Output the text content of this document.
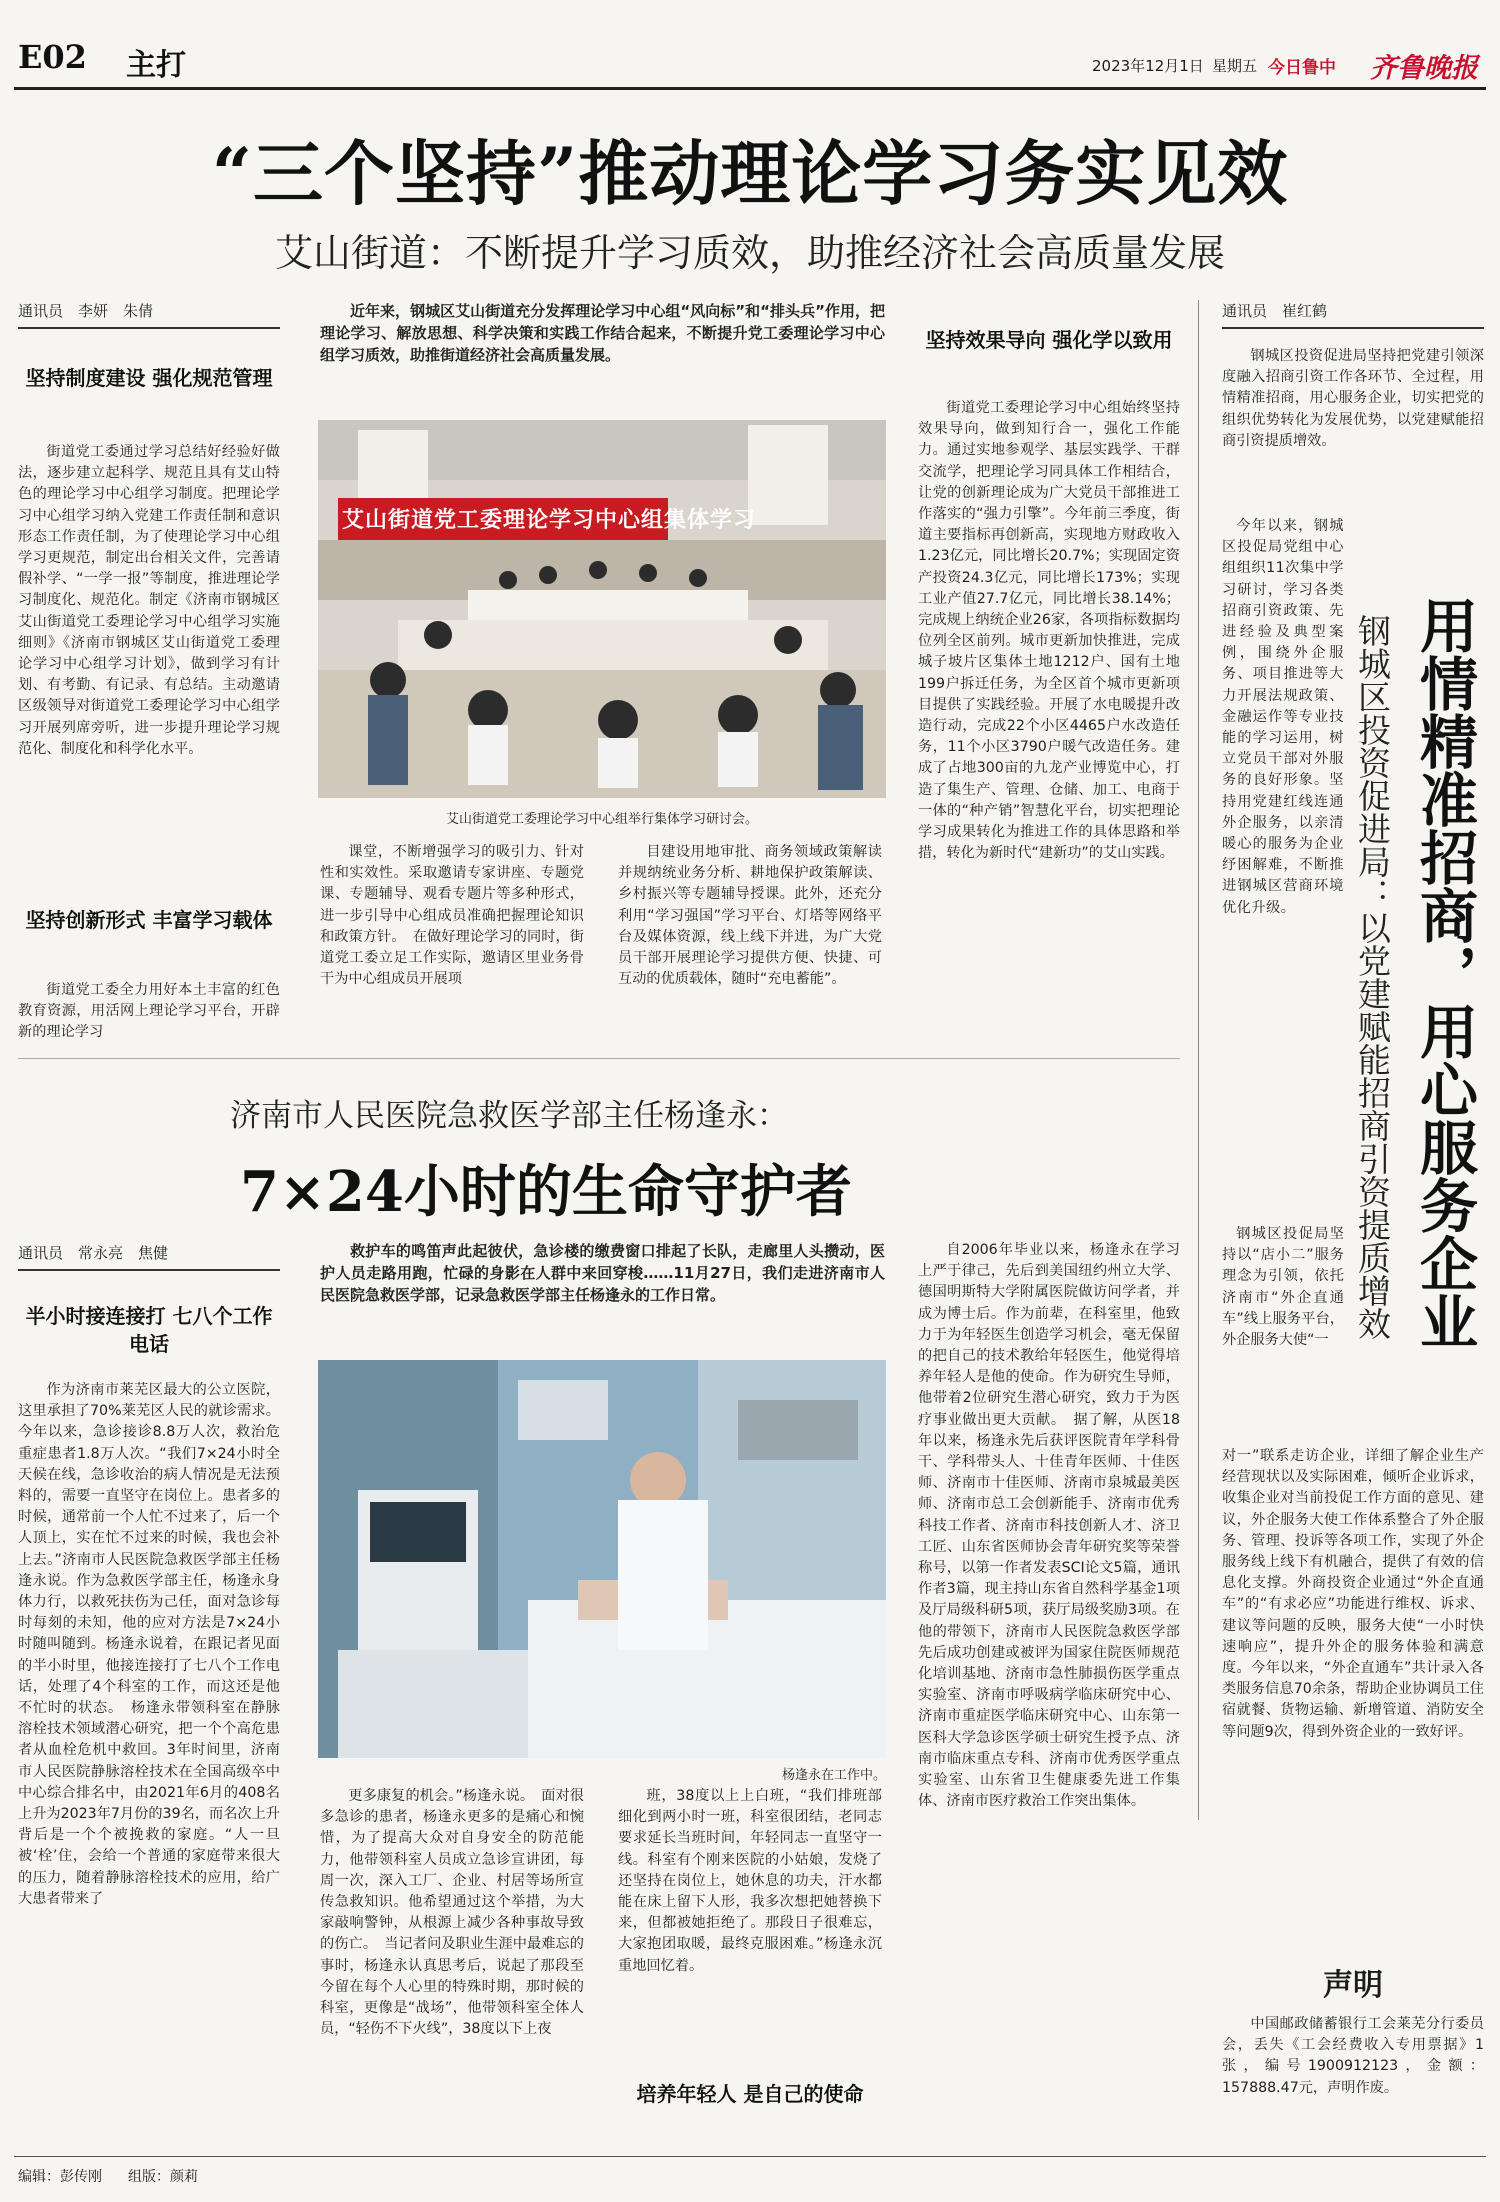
E02 主打	2023年12月1日 星期五 今日鲁中 齐鲁晚报
“三个坚持”推动理论学习务实见效
艾山街道：不断提升学习质效，助推经济社会高质量发展
通讯员　李妍　朱倩
坚持制度建设 强化规范管理
街道党工委通过学习总结好经验好做法，逐步建立起科学、规范且具有艾山特色的理论学习中心组学习制度。把理论学习中心组学习纳入党建工作责任制和意识形态工作责任制，为了使理论学习中心组学习更规范，制定出台相关文件，完善请假补学、“一学一报”等制度，推进理论学习制度化、规范化。制定《济南市钢城区艾山街道党工委理论学习中心组学习实施细则》《济南市钢城区艾山街道党工委理论学习中心组学习计划》，做到学习有计划、有考勤、有记录、有总结。主动邀请区级领导对街道党工委理论学习中心组学习开展列席旁听，进一步提升理论学习规范化、制度化和科学化水平。
坚持创新形式 丰富学习载体
街道党工委全力用好本土丰富的红色教育资源，用活网上理论学习平台，开辟新的理论学习
近年来，钢城区艾山街道充分发挥理论学习中心组“风向标”和“排头兵”作用，把理论学习、解放思想、科学决策和实践工作结合起来，不断提升党工委理论学习中心组学习质效，助推街道经济社会高质量发展。
艾山街道党工委理论学习中心组集体学习
艾山街道党工委理论学习中心组举行集体学习研讨会。
课堂，不断增强学习的吸引力、针对性和实效性。采取邀请专家讲座、专题党课、专题辅导、观看专题片等多种形式，进一步引导中心组成员准确把握理论知识和政策方针。　在做好理论学习的同时，街道党工委立足工作实际，邀请区里业务骨干为中心组成员开展项
目建设用地审批、商务领域政策解读并规纳统业务分析、耕地保护政策解读、乡村振兴等专题辅导授课。此外，还充分利用“学习强国”学习平台、灯塔等网络平台及媒体资源，线上线下并进，为广大党员干部开展理论学习提供方便、快捷、可互动的优质载体，随时“充电蓄能”。
坚持效果导向 强化学以致用
街道党工委理论学习中心组始终坚持效果导向，做到知行合一，强化工作能力。通过实地参观学、基层实践学、干群交流学，把理论学习同具体工作相结合，让党的创新理论成为广大党员干部推进工作落实的“强力引擎”。今年前三季度，街道主要指标再创新高，实现地方财政收入1.23亿元，同比增长20.7%；实现固定资产投资24.3亿元，同比增长173%；实现工业产值27.7亿元，同比增长38.14%；完成规上纳统企业26家，各项指标数据均位列全区前列。城市更新加快推进，完成城子坡片区集体土地1212户、国有土地199户拆迁任务，为全区首个城市更新项目提供了实践经验。开展了水电暖提升改造行动，完成22个小区4465户水改造任务，11个小区3790户暖气改造任务。建成了占地300亩的九龙产业博览中心，打造了集生产、管理、仓储、加工、电商于一体的“种产销”智慧化平台，切实把理论学习成果转化为推进工作的具体思路和举措，转化为新时代“建新功”的艾山实践。
通讯员　崔红鹤
钢城区投资促进局坚持把党建引领深度融入招商引资工作各环节、全过程，用情精准招商，用心服务企业，切实把党的组织优势转化为发展优势，以党建赋能招商引资提质增效。
今年以来，钢城区投促局党组中心组组织11次集中学习研讨，学习各类招商引资政策、先进经验及典型案例，围绕外企服务、项目推进等大力开展法规政策、金融运作等专业技能的学习运用，树立党员干部对外服务的良好形象。坚持用党建红线连通外企服务，以亲清暖心的服务为企业纾困解难，不断推进钢城区营商环境优化升级。
钢城区投促局坚持以“店小二”服务理念为引领，依托济南市“外企直通车”线上服务平台，外企服务大使“一 用情精准招商，用心服务企业
钢城区投资促进局：以党建赋能招商引资提质增效
对一”联系走访企业，详细了解企业生产经营现状以及实际困难，倾听企业诉求，收集企业对当前投促工作方面的意见、建议，外企服务大使工作体系整合了外企服务、管理、投诉等各项工作，实现了外企服务线上线下有机融合，提供了有效的信息化支撑。外商投资企业通过“外企直通车”的“有求必应”功能进行维权、诉求、建议等问题的反映，服务大使“一小时快速响应”，提升外企的服务体验和满意度。今年以来，“外企直通车”共计录入各类服务信息70余条，帮助企业协调员工住宿就餐、货物运输、新增管道、消防安全等问题9次，得到外资企业的一致好评。
声明
中国邮政储蓄银行工会莱芜分行委员会，丢失《工会经费收入专用票据》1张，编号1900912123，金额：157888.47元，声明作废。
济南市人民医院急救医学部主任杨逢永：
7×24小时的生命守护者
通讯员　常永亮　焦健
半小时接连接打 七八个工作电话
作为济南市莱芜区最大的公立医院，这里承担了70%莱芜区人民的就诊需求。今年以来，急诊接诊8.8万人次，救治危重症患者1.8万人次。“我们7×24小时全天候在线，急诊收治的病人情况是无法预料的，需要一直坚守在岗位上。患者多的时候，通常前一个人忙不过来了，后一个人顶上，实在忙不过来的时候，我也会补上去。”济南市人民医院急救医学部主任杨逢永说。作为急救医学部主任，杨逢永身体力行，以救死扶伤为己任，面对急诊每时每刻的未知，他的应对方法是7×24小时随叫随到。杨逢永说着，在跟记者见面的半小时里，他接连接打了七八个工作电话，处理了4个科室的工作，而这还是他不忙时的状态。　杨逢永带领科室在静脉溶栓技术领域潜心研究，把一个个高危患者从血栓危机中救回。3年时间里，济南市人民医院静脉溶栓技术在全国高级卒中中心综合排名中，由2021年6月的408名上升为2023年7月份的39名，而名次上升背后是一个个被挽救的家庭。“人一旦被‘栓’住，会给一个普通的家庭带来很大的压力，随着静脉溶栓技术的应用，给广大患者带来了
救护车的鸣笛声此起彼伏，急诊楼的缴费窗口排起了长队，走廊里人头攒动，医护人员走路用跑，忙碌的身影在人群中来回穿梭……11月27日，我们走进济南市人民医院急救医学部，记录急救医学部主任杨逢永的工作日常。
杨逢永在工作中。
更多康复的机会。”杨逢永说。　面对很多急诊的患者，杨逢永更多的是痛心和惋惜，为了提高大众对自身安全的防范能力，他带领科室人员成立急诊宣讲团，每周一次，深入工厂、企业、村居等场所宣传急救知识。他希望通过这个举措，为大家敲响警钟，从根源上减少各种事故导致的伤亡。　当记者问及职业生涯中最难忘的事时，杨逢永认真思考后，说起了那段至今留在每个人心里的特殊时期，那时候的科室，更像是“战场”，他带领科室全体人员，“轻伤不下火线”，38度以下上夜
班，38度以上上白班，“我们排班部细化到两小时一班，科室很团结，老同志要求延长当班时间，年轻同志一直坚守一线。科室有个刚来医院的小姑娘，发烧了还坚持在岗位上，她休息的功夫，汗水都能在床上留下人形，我多次想把她替换下来，但都被她拒绝了。那段日子很难忘，大家抱团取暖，最终克服困难。”杨逢永沉重地回忆着。
培养年轻人 是自己的使命
自2006年毕业以来，杨逢永在学习上严于律己，先后到美国纽约州立大学、德国明斯特大学附属医院做访问学者，并成为博士后。作为前辈，在科室里，他致力于为年轻医生创造学习机会，毫无保留的把自己的技术教给年轻医生，他觉得培养年轻人是他的使命。作为研究生导师，他带着2位研究生潜心研究，致力于为医疗事业做出更大贡献。　据了解，从医18年以来，杨逢永先后获评医院青年学科骨干、学科带头人、十佳青年医师、十佳医师、济南市十佳医师、济南市泉城最美医师、济南市总工会创新能手、济南市优秀科技工作者、济南市科技创新人才、济卫工匠、山东省医师协会青年研究奖等荣誉称号，以第一作者发表SCI论文5篇，通讯作者3篇，现主持山东省自然科学基金1项及厅局级科研5项，获厅局级奖励3项。在他的带领下，济南市人民医院急救医学部先后成功创建或被评为国家住院医师规范化培训基地、济南市急性肺损伤医学重点实验室、济南市呼吸病学临床研究中心、济南市重症医学临床研究中心、山东第一医科大学急诊医学硕士研究生授予点、济南市临床重点专科、济南市优秀医学重点实验室、山东省卫生健康委先进工作集体、济南市医疗救治工作突出集体。
编辑：彭传刚 组版：颜莉
